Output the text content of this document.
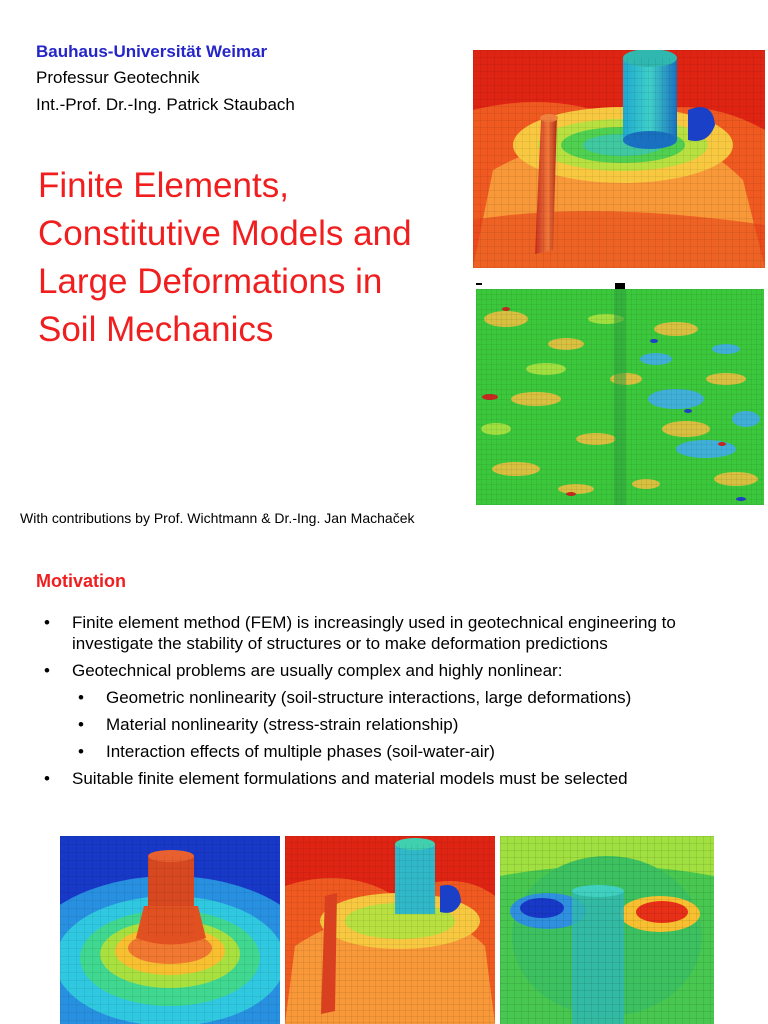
Bauhaus-Universität Weimar
Professur Geotechnik
Int.-Prof. Dr.-Ing. Patrick Staubach
Finite Elements,
Constitutive Models and
Large Deformations in
Soil Mechanics
With contributions by Prof. Wichtmann & Dr.-Ing. Jan Machaček
Motivation
• Finite element method (FEM) is increasingly used in geotechnical engineering to investigate the stability of structures or to make deformation predictions
• Geotechnical problems are usually complex and highly nonlinear:
• Geometric nonlinearity (soil-structure interactions, large deformations)
• Material nonlinearity (stress-strain relationship)
• Interaction effects of multiple phases (soil-water-air)
• Suitable finite element formulations and material models must be selected
